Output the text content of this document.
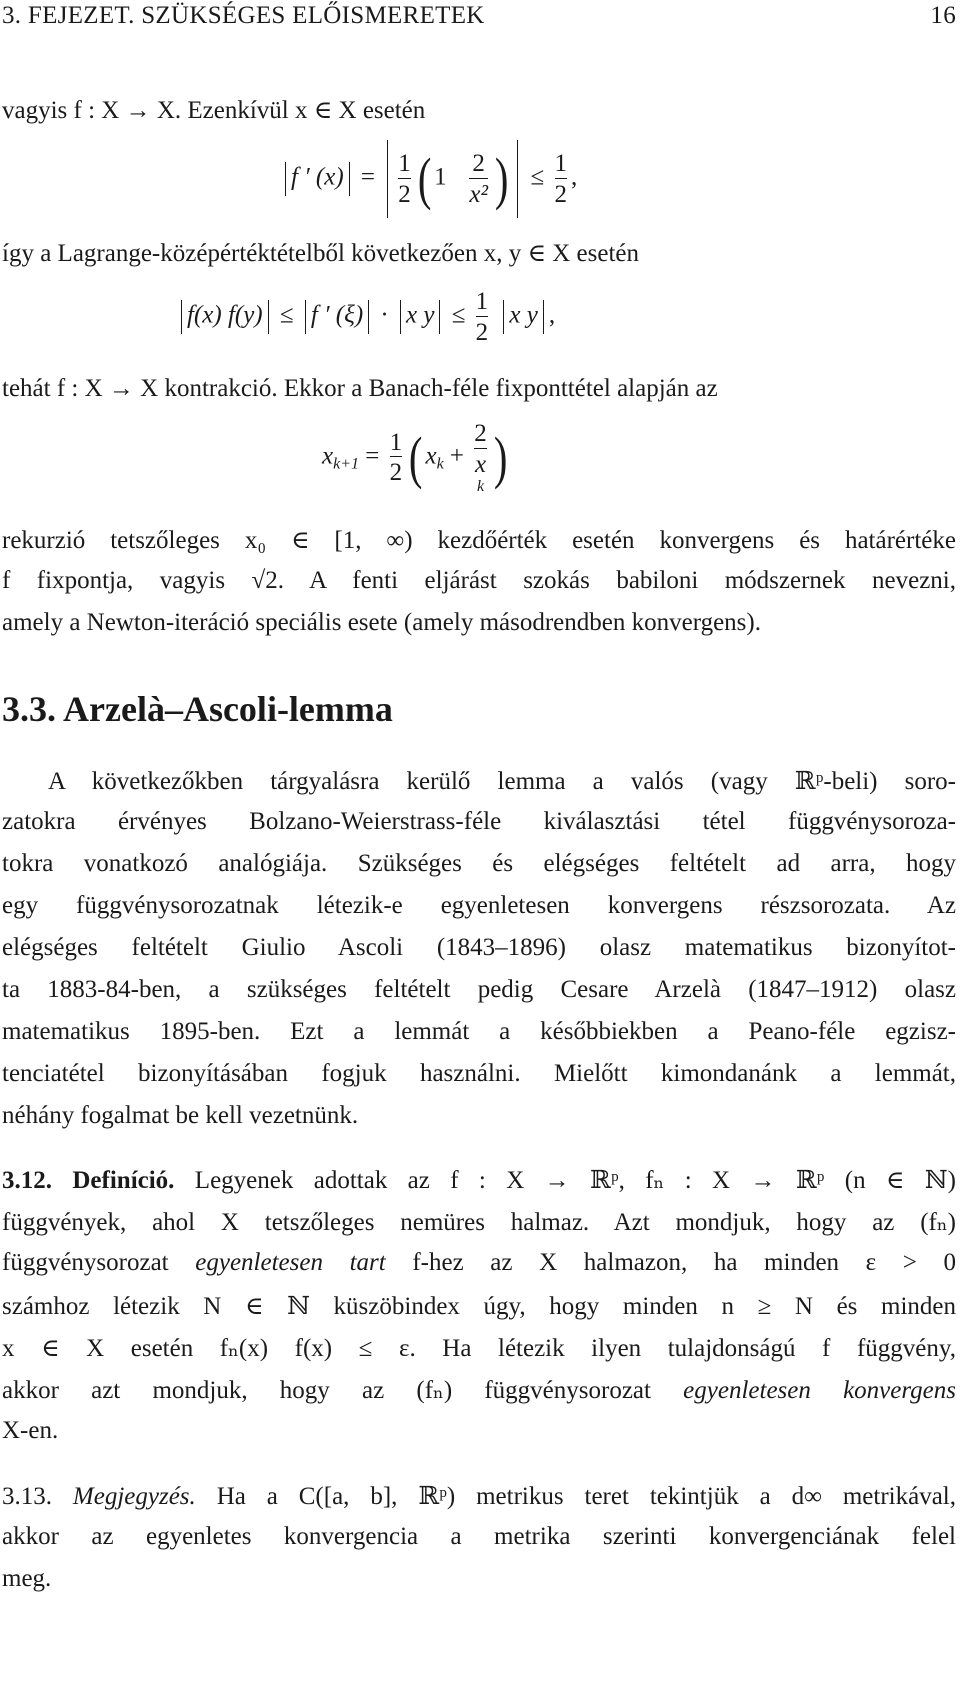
3. FEJEZET. SZÜKSÉGES ELŐISMERETEK	16
vagyis f : X → X. Ezenkívül x ∈ X esetén
f ′ $(x) = \frac{1}{2}$ ( $1 \frac{2}{\text{x²}}$ ) ≤ $\frac{1}{2}$ ,
így a Lagrange-középértéktételből következően x, y ∈ X esetén
f(x) f(y) ≤ f ′ (ξ) · x $y \le \frac{1}{2}$ x y ,
tehát f : X → X kontrakció. Ekkor a Banach-féle fixponttétel alapján az
$x_{k+1} = \frac{1}{2}$ ( $x_k + 2$
x
k )
rekurzió tetszőleges x₀ ∈ [1, ∞) kezdőérték esetén konvergens és határértéke
f fixpontja, vagyis √2. A fenti eljárást szokás babiloni módszernek nevezni,
amely a Newton-iteráció speciális esete (amely másodrendben konvergens).
3.3. Arzelà–Ascoli-lemma
A következőkben tárgyalásra kerülő lemma a valós (vagy ℝᵖ-beli) soro-
zatokra érvényes Bolzano-Weierstrass-féle kiválasztási tétel függvénysoroza-
tokra vonatkozó analógiája. Szükséges és elégséges feltételt ad arra, hogy
egy függvénysorozatnak létezik-e egyenletesen konvergens részsorozata. Az
elégséges feltételt Giulio Ascoli (1843–1896) olasz matematikus bizonyítot-
ta 1883-84-ben, a szükséges feltételt pedig Cesare Arzelà (1847–1912) olasz
matematikus 1895-ben. Ezt a lemmát a későbbiekben a Peano-féle egzisz-
tenciatétel bizonyításában fogjuk használni. Mielőtt kimondanánk a lemmát,
néhány fogalmat be kell vezetnünk.
3.12. Definíció. Legyenek adottak az f : X → ℝᵖ, fₙ : X → ℝᵖ (n ∈ ℕ)
függvények, ahol X tetszőleges nemüres halmaz. Azt mondjuk, hogy az (fₙ)
függvénysorozat egyenletesen tart f-hez az X halmazon, ha minden ε > 0
számhoz létezik N ∈ ℕ küszöbindex úgy, hogy minden n ≥ N és minden
x ∈ X esetén fₙ(x) f(x) ≤ ε. Ha létezik ilyen tulajdonságú f függvény,
akkor azt mondjuk, hogy az (fₙ) függvénysorozat egyenletesen konvergens
X-en.
3.13. Megjegyzés. Ha a C([a, b], ℝᵖ) metrikus teret tekintjük a d∞ metrikával,
akkor az egyenletes konvergencia a metrika szerinti konvergenciának felel
meg.
